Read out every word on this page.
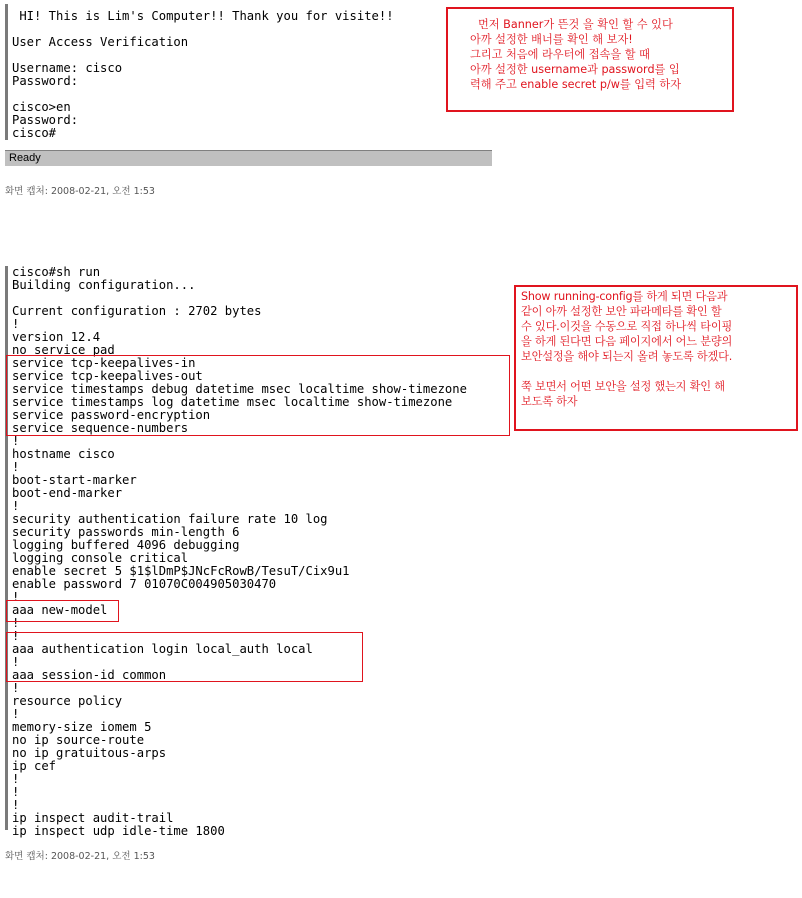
HI! This is Lim's Computer!! Thank you for visite!!

User Access Verification

Username: cisco
Password:

cisco>en
Password:
cisco#
Ready
화면 캡처: 2008-02-21, 오전 1:53
먼저 Banner가 뜬것 을 확인 할 수 있다
아까 설정한 배너를 확인 해 보자!
그리고 처음에 라우터에 접속을 할 때
아까 설정한 username과 password를 입
력해 주고 enable secret p/w를 입력 하자
cisco#sh run
Building configuration...

Current configuration : 2702 bytes
!
version 12.4
no service pad
service tcp-keepalives-in
service tcp-keepalives-out
service timestamps debug datetime msec localtime show-timezone
service timestamps log datetime msec localtime show-timezone
service password-encryption
service sequence-numbers
!
hostname cisco
!
boot-start-marker
boot-end-marker
!
security authentication failure rate 10 log
security passwords min-length 6
logging buffered 4096 debugging
logging console critical
enable secret 5 $1$lDmP$JNcFcRowB/TesuT/Cix9u1
enable password 7 01070C004905030470
!
aaa new-model
!
!
aaa authentication login local_auth local
!
aaa session-id common
!
resource policy
!
memory-size iomem 5
no ip source-route
no ip gratuitous-arps
ip cef
!
!
!
ip inspect audit-trail
ip inspect udp idle-time 1800
Show running-config를 하게 되면 다음과
같이 아까 설정한 보안 파라메타를 확인 할
수 있다.이것을 수동으로 직접 하나씩 타이핑
을 하게 된다면 다음 페이지에서 어느 분량의
보안설정을 해야 되는지 올려 놓도록 하겠다.
쭉 보면서 어떤 보안을 설정 했는지 확인 해
보도록 하자
화면 캡처: 2008-02-21, 오전 1:53
